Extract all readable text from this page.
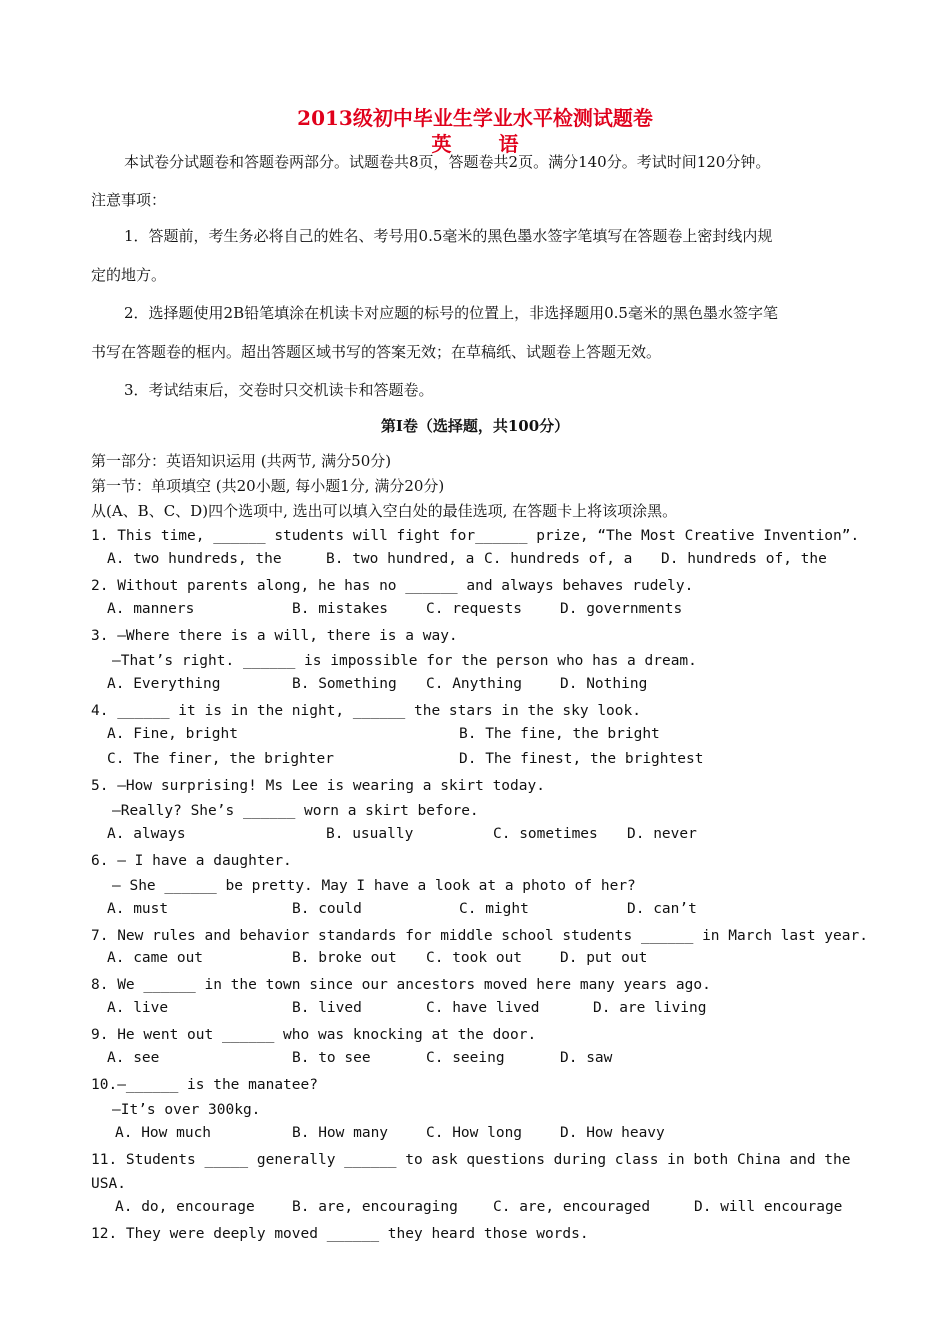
2013级初中毕业生学业水平检测试题卷
英 语
本试卷分试题卷和答题卷两部分。试题卷共8页，答题卷共2页。满分140分。考试时间120分钟。
注意事项：
1．答题前，考生务必将自己的姓名、考号用0.5毫米的黑色墨水签字笔填写在答题卷上密封线内规
定的地方。
2．选择题使用2B铅笔填涂在机读卡对应题的标号的位置上，非选择题用0.5毫米的黑色墨水签字笔
书写在答题卷的框内。超出答题区域书写的答案无效；在草稿纸、试题卷上答题无效。
3．考试结束后，交卷时只交机读卡和答题卷。
第Ⅰ卷（选择题，共100分）
第一部分：英语知识运用 (共两节, 满分50分)
第一节：单项填空 (共20小题, 每小题1分, 满分20分)
从(A、B、C、D)四个选项中, 选出可以填入空白处的最佳选项, 在答题卡上将该项涂黑。
1. This time, ______ students will fight for______ prize, “The Most Creative Invention”.
A. two hundreds, the	B. two hundred, a C. hundreds of, a D. hundreds of, the
2. Without parents along, he has no ______ and always behaves rudely.
A. manners	B. mistakes	C. requests	D. governments
3. —Where there is a will, there is a way.
—That’s right. ______ is impossible for the person who has a dream.
A. Everything	B. Something C. Anything	D. Nothing
4. ______ it is in the night, ______ the stars in the sky look.
A. Fine, bright	B. The fine, the bright
C. The finer, the brighter	D. The finest, the brightest
5. —How surprising! Ms Lee is wearing a skirt today.
—Really? She’s ______ worn a skirt before.
A. always	B. usually	C. sometimes D. never
6. — I have a daughter.
— She ______ be pretty. May I have a look at a photo of her?
A. must	B. could	C. might	D. can’t
7. New rules and behavior standards for middle school students ______ in March last year.
A. came out	B. broke out C. took out	D. put out
8. We ______ in the town since our ancestors moved here many years ago.
A. live	B. lived	C. have lived	D. are living
9. He went out ______ who was knocking at the door.
A. see	B. to see	C. seeing	D. saw
10.—______ is the manatee?
—It’s over 300kg.
A. How much	B. How many	C. How long	D. How heavy
11. Students _____ generally ______ to ask questions during class in both China and the
USA.
A. do, encourage	B. are, encouraging C. are, encouraged	D. will encourage
12. They were deeply moved ______ they heard those words.
